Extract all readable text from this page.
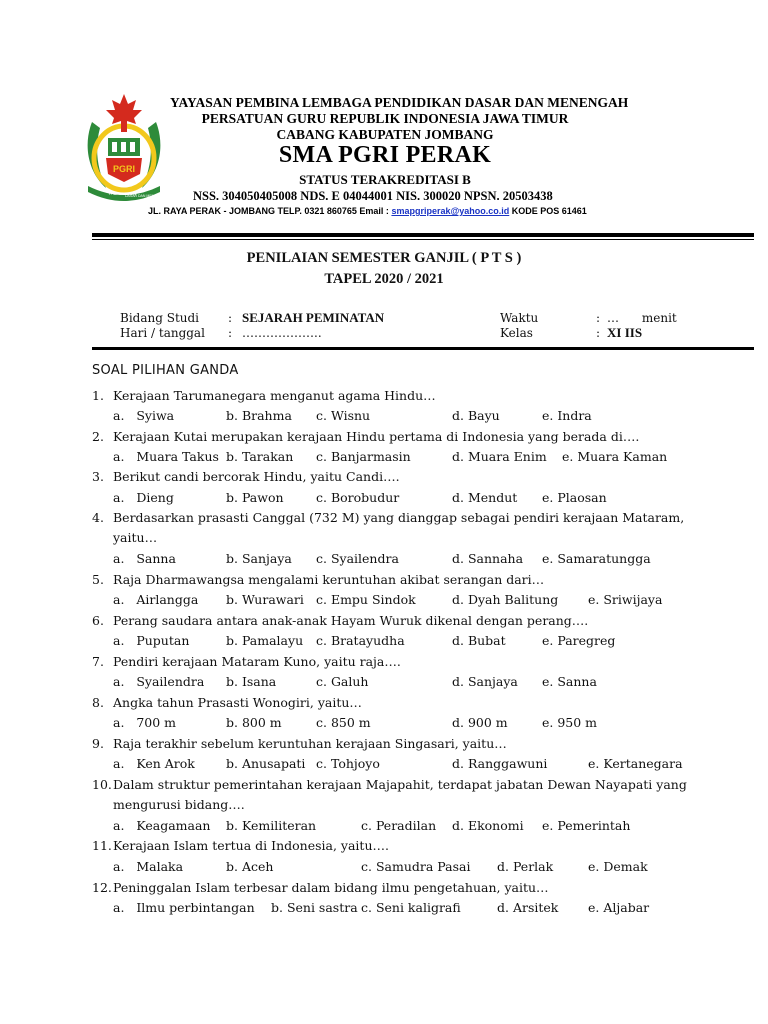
PGRI
YPLP DASMEN
DASAR DAN MENENGAH
YAYASAN PEMBINA LEMBAGA PENDIDIKAN DASAR DAN MENENGAH
PERSATUAN GURU REPUBLIK INDONESIA JAWA TIMUR
CABANG KABUPATEN JOMBANG
SMA PGRI PERAK
STATUS TERAKREDITASI B
NSS. 304050405008 NDS. E 04044001 NIS. 300020 NPSN. 20503438
JL. RAYA PERAK - JOMBANG TELP. 0321 860765 Email : smapgriperak@yahoo.co.id KODE POS 61461
PENILAIAN SEMESTER GANJIL ( P T S )
TAPEL 2020 / 2021
Bidang Studi : SEJARAH PEMINATAN
Hari / tanggal : ………………..
Waktu	: …      menit
Kelas	: XI IIS
SOAL PILIHAN GANDA
1. Kerajaan Tarumanegara menganut agama Hindu…
a.   Syiwa	b. Brahma c. Wisnu	d. Bayu	e. Indra
2. Kerajaan Kutai merupakan kerajaan Hindu pertama di Indonesia yang berada di….
a.   Muara Takus b. Tarakan c. Banjarmasin	d. Muara Enim e. Muara Kaman
3. Berikut candi bercorak Hindu, yaitu Candi….
a.   Dieng	b. Pawon	c. Borobudur	d. Mendut e. Plaosan
4. Berdasarkan prasasti Canggal (732 M) yang dianggap sebagai pendiri kerajaan Mataram,
yaitu…
a.   Sanna	b. Sanjaya c. Syailendra	d. Sannaha e. Samaratungga
5. Raja Dharmawangsa mengalami keruntuhan akibat serangan dari…
a.   Airlangga b. Wurawari c. Empu Sindok	d. Dyah Balitung e. Sriwijaya
6. Perang saudara antara anak-anak Hayam Wuruk dikenal dengan perang….
a.   Puputan	b. Pamalayu c. Bratayudha	d. Bubat	e. Paregreg
7. Pendiri kerajaan Mataram Kuno, yaitu raja….
a.   Syailendra b. Isana	c. Galuh	d. Sanjaya e. Sanna
8. Angka tahun Prasasti Wonogiri, yaitu…
a.   700 m	b. 800 m	c. 850 m	d. 900 m	e. 950 m
9. Raja terakhir sebelum keruntuhan kerajaan Singasari, yaitu…
a.   Ken Arok b. Anusapati c. Tohjoyo	d. Ranggawuni	e. Kertanegara
10. Dalam struktur pemerintahan kerajaan Majapahit, terdapat jabatan Dewan Nayapati yang
mengurusi bidang….
a.   Keagamaan b. Kemiliteran	c. Peradilan d. Ekonomi e. Pemerintah
11. Kerajaan Islam tertua di Indonesia, yaitu….
a.   Malaka	b. Aceh	c. Samudra Pasai d. Perlak	e. Demak
12. Peninggalan Islam terbesar dalam bidang ilmu pengetahuan, yaitu…
a.   Ilmu perbintangan b. Seni sastra c. Seni kaligrafi	d. Arsitek e. Aljabar
